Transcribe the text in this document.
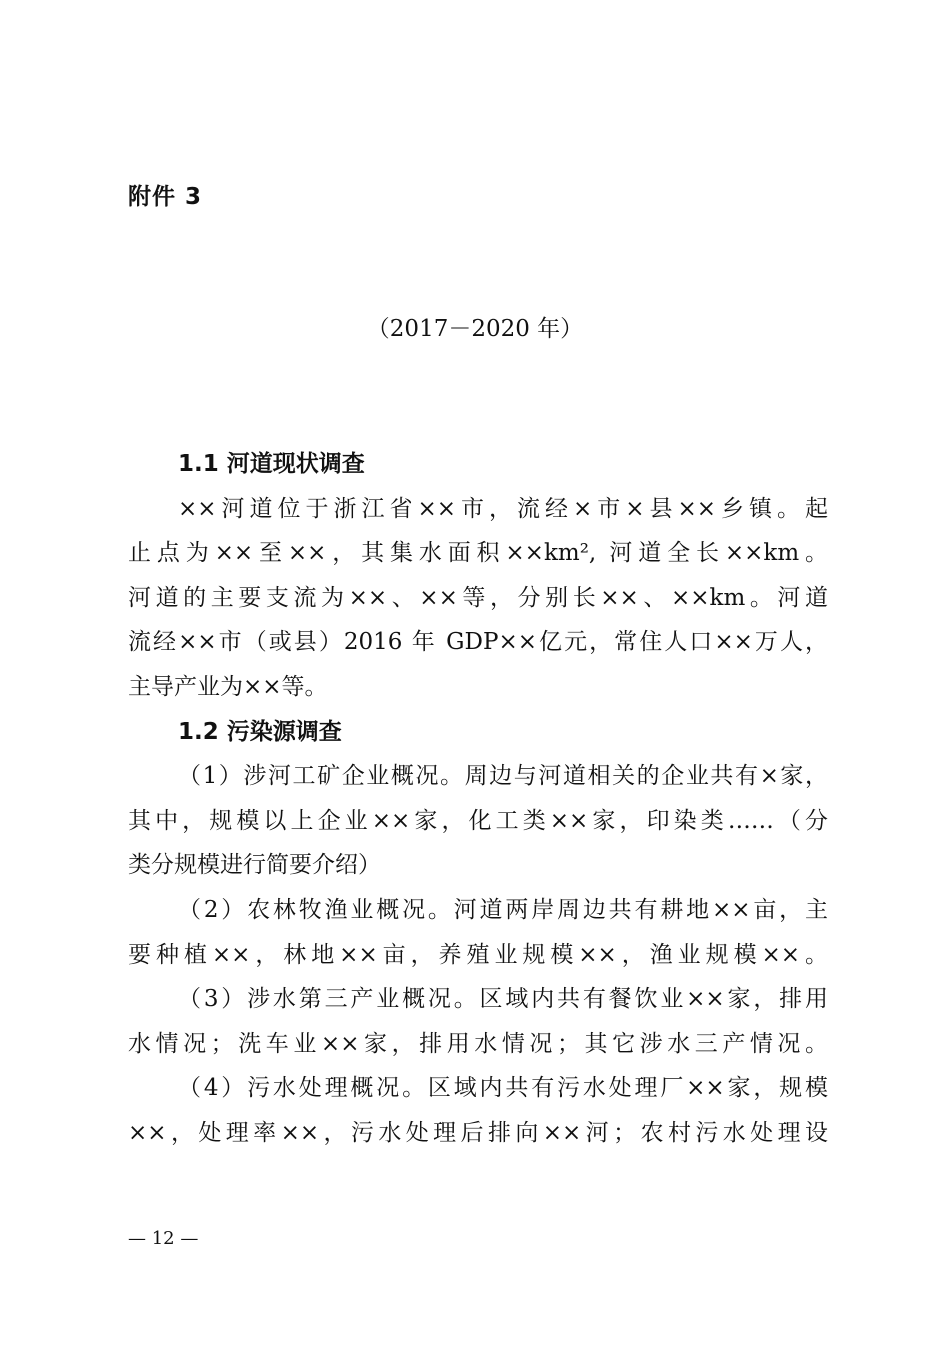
附件 3
（2017－2020 年）
1.1 河道现状调查
××河道位于浙江省××市，流经×市×县××乡镇。起
止点为××至××，其集水面积××km², 河道全长××km。
河道的主要支流为××、××等，分别长××、××km。河道
流经××市（或县）2016 年 GDP××亿元，常住人口××万人，
主导产业为××等。
1.2 污染源调查
（1）涉河工矿企业概况。周边与河道相关的企业共有×家，
其中，规模以上企业××家，化工类××家，印染类……（分
类分规模进行简要介绍）
（2）农林牧渔业概况。河道两岸周边共有耕地××亩，主
要种植××，林地××亩，养殖业规模××，渔业规模××。
（3）涉水第三产业概况。区域内共有餐饮业××家，排用
水情况；洗车业××家，排用水情况；其它涉水三产情况。
（4）污水处理概况。区域内共有污水处理厂××家，规模
××，处理率××，污水处理后排向××河；农村污水处理设
— 12 —
